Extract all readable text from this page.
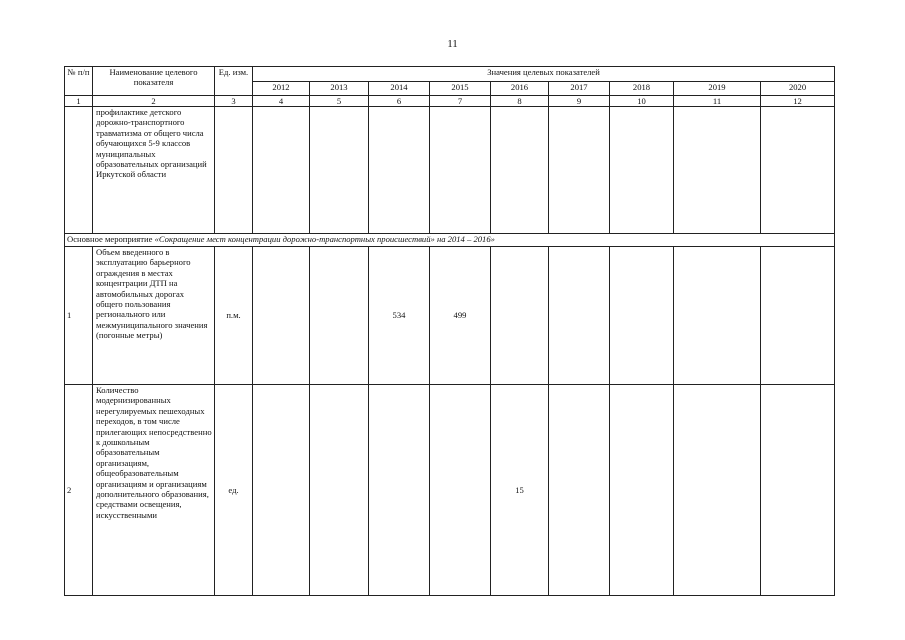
11
№ п/п	Наименование целевого показателя	Ед. изм.	Значения целевых показателей								
			2012	2013	2014	2015	2016	2017	2018	2019	2020
1	2	3	4	5	6	7	8	9	10	11	12
	профилактике детского дорожно-транспортного травматизма от общего числа обучающихся 5-9 классов муниципальных образовательных организаций Иркутской области										
Основное мероприятие «Сокращение мест концентрации дорожно-транспортных происшествий» на 2014 – 2016»											
1	Объем введенного в эксплуатацию барьерного ограждения в местах концентрации ДТП на автомобильных дорогах общего пользования регионального или межмуниципального значения (погонные метры)	п.м.			534	499					
2	Количество модернизированных нерегулируемых пешеходных переходов, в том числе прилегающих непосредственно к дошкольным образовательным организациям, общеобразовательным организациям и организациям дополнительного образования, средствами освещения, искусственными	ед.					15				
